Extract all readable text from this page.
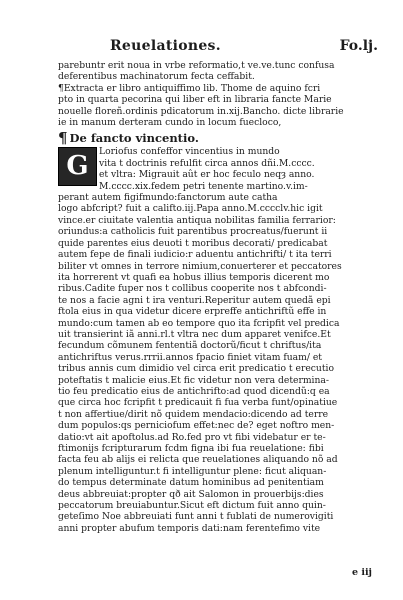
Reuelationes.	Fo.lj.
parebuntr erit noua in vrbe reformatio,t ve.ve.tunc confusa
deferentibus machinatorum fecta ceffabit.
¶Extracta er libro antiquiffimo lib. Thome de aquino fcri
pto in quarta pecorina qui liber eft in libraria fancte Marie
nouelle floreñ.ordinis pdicatorum in.xij.Bancho. dicte librarie
ie in manum derteram cundo in locum fuecloco,
¶ De fancto vincentio.
G	Loriofus confeffor vincentius in mundo
vita t doctrinis refulfit circa annos dñi.M.cccc.
et vltra: Migrauit aût er hoc feculo neqȝ anno.
M.cccc.xix.fedem petri tenente martino.v.im-
perant autem figifmundo:fanctorum aute catha
logo abfcript? fuit a califto.iij.Papa anno.M.cccclv.hic igit
vince.er ciuitate valentia antiqua nobilitas familia ferrarior:
oriundus:a catholicis fuit parentibus procreatus/fuerunt ii
quide parentes eius deuoti t moribus decorati/ predicabat
autem fepe de finali iudicio:r aduentu antichrifti/ t ita terri
biliter vt omnes in terrore nimium,conuerterer et peccatores
ita horrerent vt quafi ea hobus illius temporis dicerent mo
ribus.Cadite fuper nos t collibus cooperite nos t abfcondi-
te nos a facie agni t ira venturi.Reperitur autem quedã epi
ftola eius in qua videtur dicere erpreffe antichriftũ effe in
mundo:cum tamen ab eo tempore quo ita fcripfit vel predica
uit transierint iã anni.rl.t vltra nec dum apparet venifce.Et
fecundum cõmunem fententiã doctorũ/ficut t chriftus/ita
antichriftus verus.rrrii.annos fpacio finiet vitam fuam/ et
tribus annis cum dimidio vel circa erit predicatio t erecutio
poteftatis t malicie eius.Et fic videtur non vera determina-
tio feu predicatio eius de antichrifto:ad quod dicendũ:q ea
que circa hoc fcripfit t predicauit fi fua verba funt/opinatiue
t non affertiue/dirit nõ quidem mendacio:dicendo ad terre
dum populos:qs perniciofum effet:nec de? eget noftro men-
datio:vt ait apoftolus.ad Ro.fed pro vt fibi videbatur er te-
ftimonijs fcripturarum fcdm figna ibi fua reuelatione: fibi
facta feu ab alijs ei relicta que reuelationes aliquando nõ ad
plenum intelliguntur.t fi intelliguntur plene: ficut aliquan-
do tempus determinate datum hominibus ad penitentiam
deus abbreuiat:propter qð ait Salomon in prouerbijs:dies
peccatorum breuiabuntur.Sicut eft dictum fuit anno quin-
geteſimo Noe abbreuiati funt anni t fublati de numerovigiti
anni propter abufum temporis dati:nam ferentefimo vite
e iij
